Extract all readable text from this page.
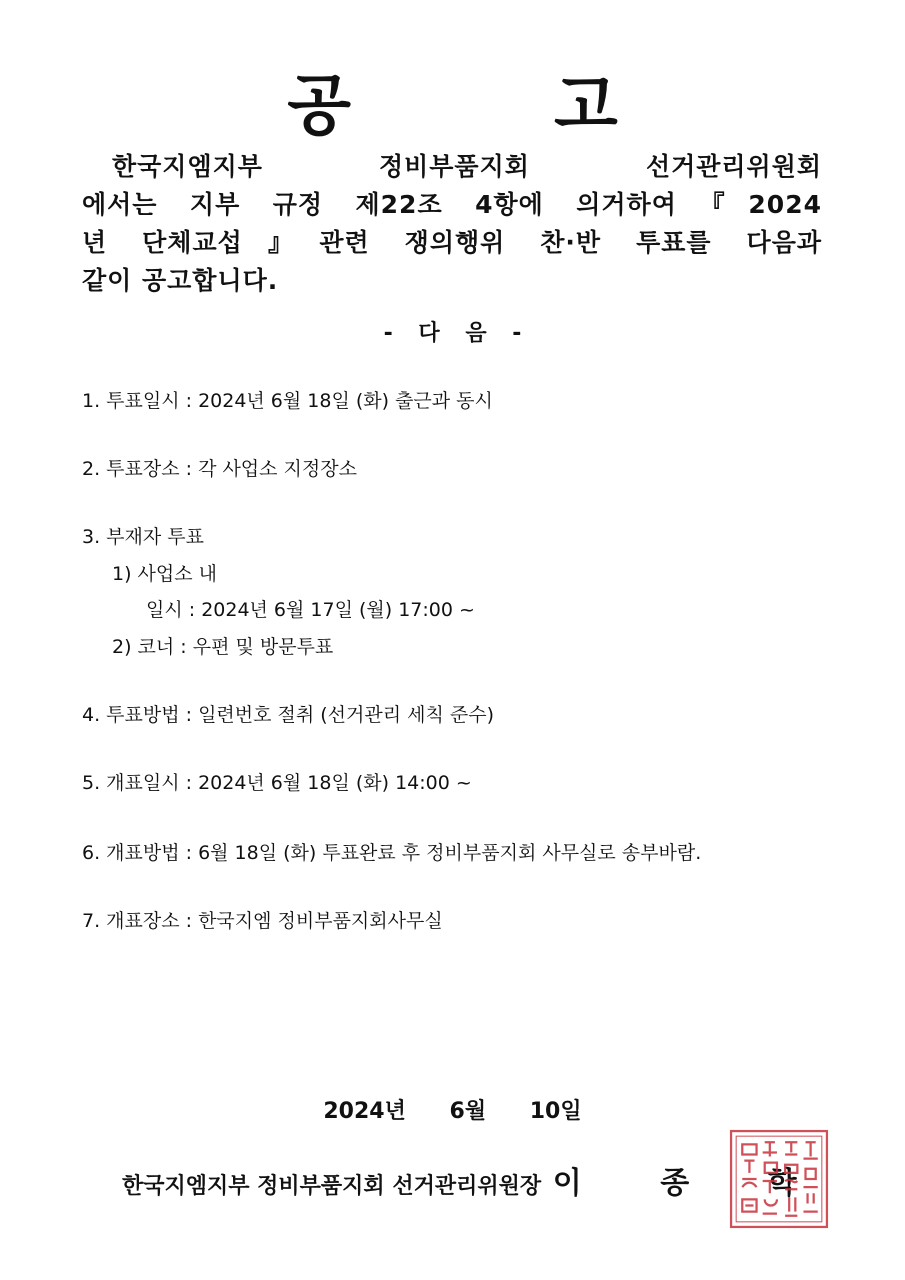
공 고
한국지엠지부 정비부품지회 선거관리위원회
에서는 지부 규정 제22조 4항에 의거하여『2024
년 단체교섭』관련 쟁의행위 찬·반 투표를 다음과
같이 공고합니다.
- 다 음 -
1. 투표일시 : 2024년 6월 18일 (화) 출근과 동시
2. 투표장소 : 각 사업소 지정장소
3. 부재자 투표
1) 사업소 내
일시 : 2024년 6월 17일 (월) 17:00 ~
2) 코너 : 우편 및 방문투표
4. 투표방법 : 일련번호 절취 (선거관리 세칙 준수)
5. 개표일시 : 2024년 6월 18일 (화) 14:00 ~
6. 개표방법 : 6월 18일 (화) 투표완료 후 정비부품지회 사무실로 송부바람.
7. 개표장소 : 한국지엠 정비부품지회사무실
2024년 6월 10일
한국지엠지부 정비부품지회 선거관리위원장 이 종 학
